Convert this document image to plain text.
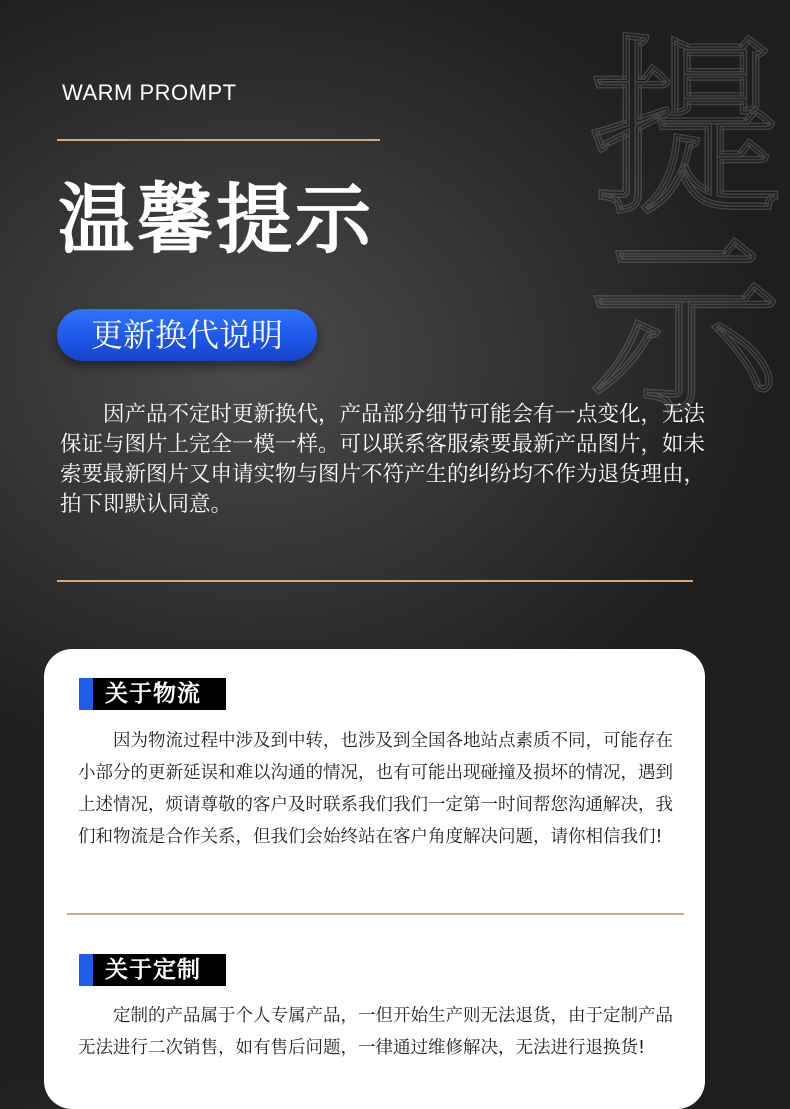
提
示
WARM PROMPT
温馨提示
更新换代说明

因产品不定时更新换代，产品部分细节可能会有一点变化，无法保证与图片上完全一模一样。可以联系客服索要最新产品图片，如未索要最新图片又申请实物与图片不符产生的纠纷均不作为退货理由，拍下即默认同意。

关于物流

因为物流过程中涉及到中转，也涉及到全国各地站点素质不同，可能存在小部分的更新延误和难以沟通的情况，也有可能出现碰撞及损坏的情况，遇到上述情况，烦请尊敬的客户及时联系我们我们一定第一时间帮您沟通解决，我们和物流是合作关系，但我们会始终站在客户角度解决问题，请你相信我们!

关于定制

定制的产品属于个人专属产品，一但开始生产则无法退货，由于定制产品无法进行二次销售，如有售后问题，一律通过维修解决，无法进行退换货!
